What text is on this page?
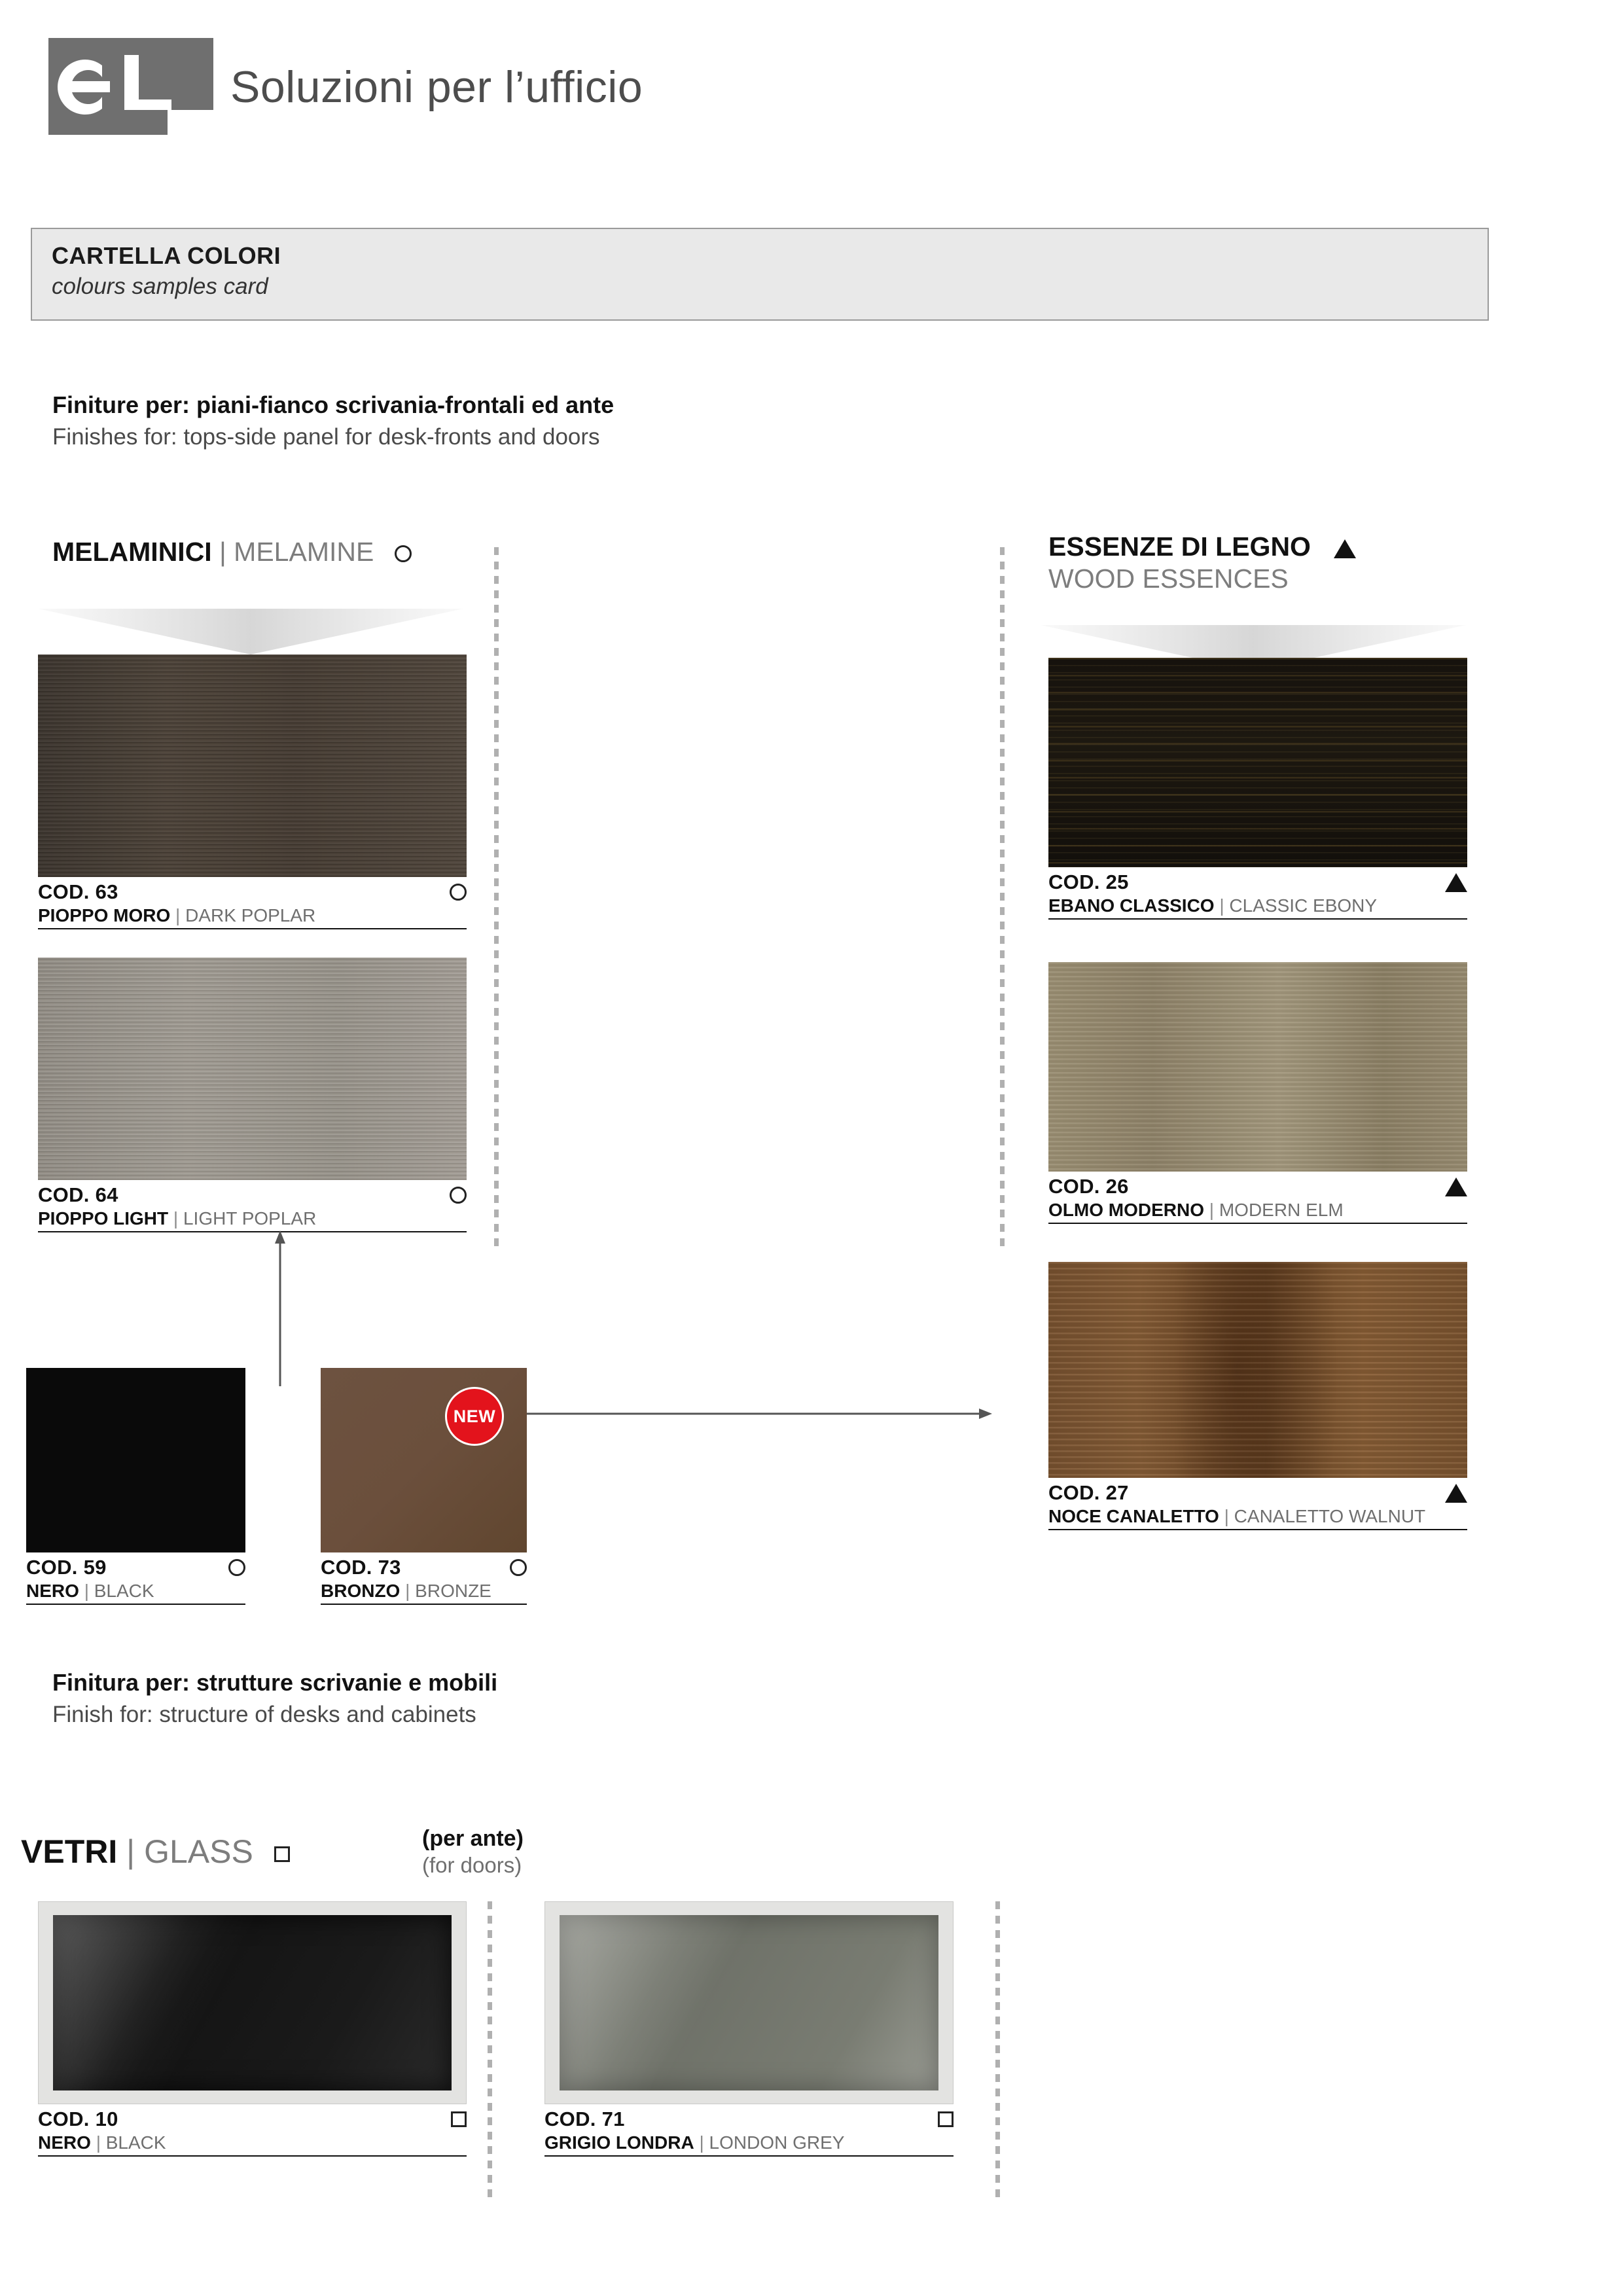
Soluzioni per l’ufficio
CARTELLA COLORI
colours samples card
Finiture per: piani-fianco scrivania-frontali ed ante
Finishes for: tops-side panel for desk-fronts and doors
MELAMINICI | MELAMINE	ESSENZE DI LEGNO
WOOD ESSENCES
COD. 63
PIOPPO MORO | DARK POPLAR
COD. 64
PIOPPO LIGHT | LIGHT POPLAR
COD. 25
EBANO CLASSICO | CLASSIC EBONY
COD. 26
OLMO MODERNO | MODERN ELM
COD. 27
NOCE CANALETTO | CANALETTO WALNUT
COD. 59
NERO | BLACK
NEW
COD. 73
BRONZO | BRONZE
Finitura per: strutture scrivanie e mobili
Finish for: structure of desks and cabinets
VETRI | GLASS	(per ante)
(for doors)
COD. 10
NERO | BLACK
COD. 71
GRIGIO LONDRA | LONDON GREY
